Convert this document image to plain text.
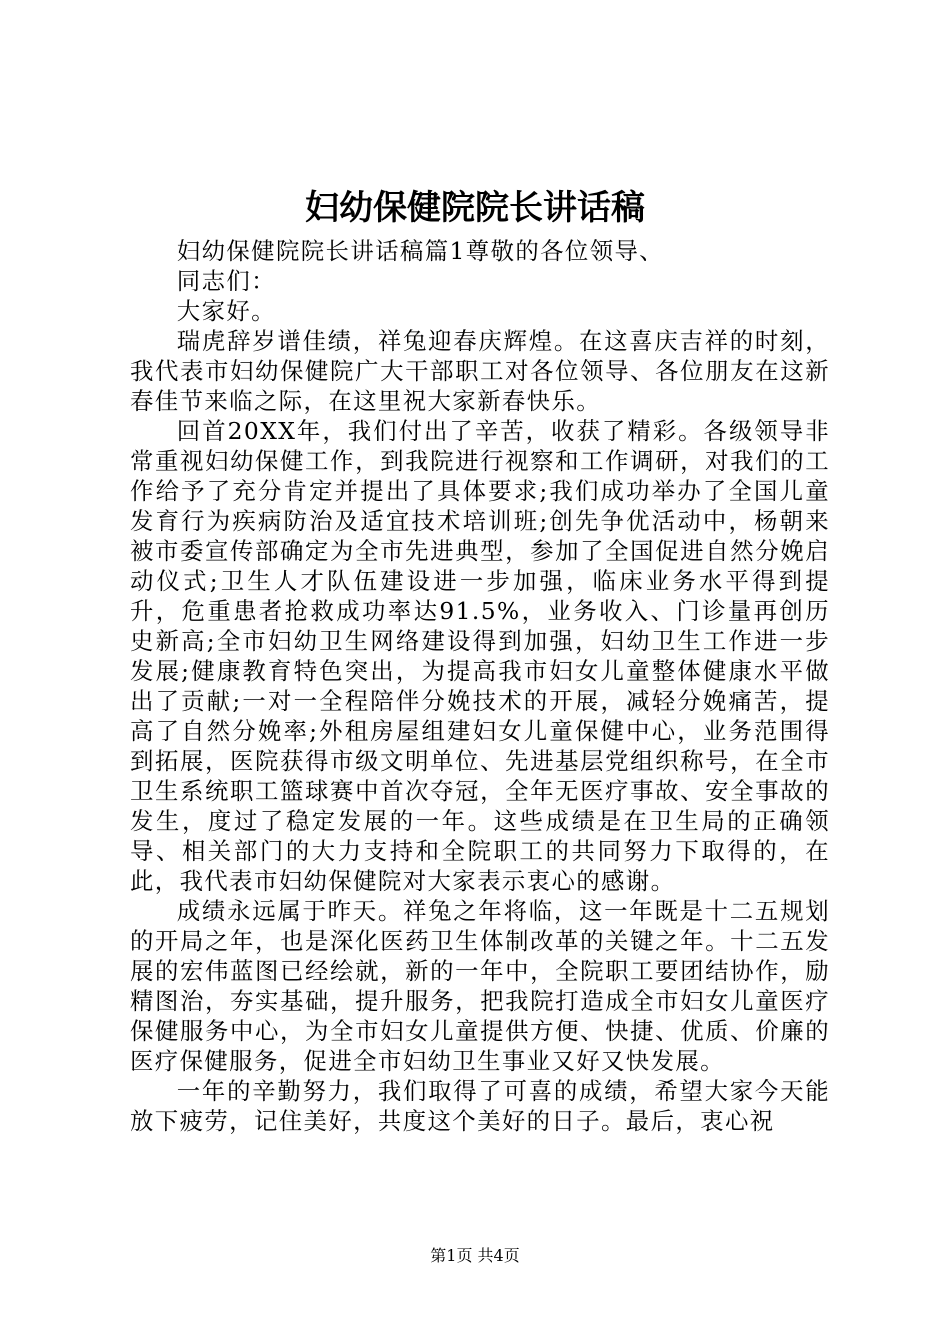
妇幼保健院院长讲话稿

妇幼保健院院长讲话稿篇1尊敬的各位领导、

同志们：

大家好。

瑞虎辞岁谱佳绩，祥兔迎春庆辉煌。在这喜庆吉祥的时刻，我代表市妇幼保健院广大干部职工对各位领导、各位朋友在这新春佳节来临之际，在这里祝大家新春快乐。

回首20XX年，我们付出了辛苦，收获了精彩。各级领导非常重视妇幼保健工作，到我院进行视察和工作调研，对我们的工作给予了充分肯定并提出了具体要求;我们成功举办了全国儿童发育行为疾病防治及适宜技术培训班;创先争优活动中，杨朝来被市委宣传部确定为全市先进典型，参加了全国促进自然分娩启动仪式;卫生人才队伍建设进一步加强，临床业务水平得到提升，危重患者抢救成功率达91.5%，业务收入、门诊量再创历史新高;全市妇幼卫生网络建设得到加强，妇幼卫生工作进一步发展;健康教育特色突出，为提高我市妇女儿童整体健康水平做出了贡献;一对一全程陪伴分娩技术的开展，减轻分娩痛苦，提高了自然分娩率;外租房屋组建妇女儿童保健中心，业务范围得到拓展，医院获得市级文明单位、先进基层党组织称号，在全市卫生系统职工篮球赛中首次夺冠，全年无医疗事故、安全事故的发生，度过了稳定发展的一年。这些成绩是在卫生局的正确领导、相关部门的大力支持和全院职工的共同努力下取得的，在此，我代表市妇幼保健院对大家表示衷心的感谢。

成绩永远属于昨天。祥兔之年将临，这一年既是十二五规划的开局之年，也是深化医药卫生体制改革的关键之年。十二五发展的宏伟蓝图已经绘就，新的一年中，全院职工要团结协作，励精图治，夯实基础，提升服务，把我院打造成全市妇女儿童医疗保健服务中心，为全市妇女儿童提供方便、快捷、优质、价廉的医疗保健服务，促进全市妇幼卫生事业又好又快发展。

一年的辛勤努力，我们取得了可喜的成绩，希望大家今天能放下疲劳，记住美好，共度这个美好的日子。最后，衷心祝

第1页 共4页
